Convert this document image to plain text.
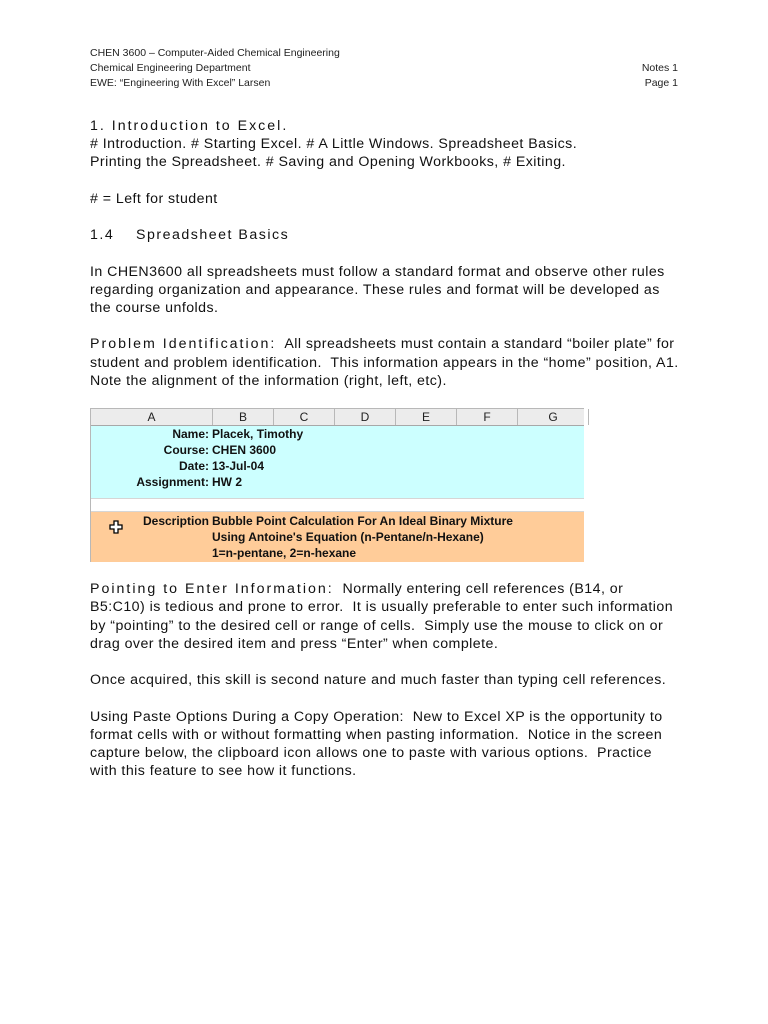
CHEN 3600 – Computer-Aided Chemical Engineering
Chemical Engineering Department	Notes 1
EWE: “Engineering With Excel” Larsen	Page 1

1. Introduction to Excel.

# Introduction. # Starting Excel. # A Little Windows. Spreadsheet Basics.

Printing the Spreadsheet. # Saving and Opening Workbooks, # Exiting.

# = Left for student

1.4    Spreadsheet Basics

In CHEN3600 all spreadsheets must follow a standard format and observe other rules regarding organization and appearance. These rules and format will be developed as the course unfolds.

Problem Identification:  All spreadsheets must contain a standard “boiler plate” for student and problem identification.  This information appears in the “home” position, A1.  Note the alignment of the information (right, left, etc).

A	B	C	D	E	F	G
Name: Placek, Timothy
Course: CHEN 3600
Date: 13-Jul-04
Assignment: HW 2
Description Bubble Point Calculation For An Ideal Binary Mixture
Using Antoine's Equation (n-Pentane/n-Hexane)
1=n-pentane, 2=n-hexane

Pointing to Enter Information:  Normally entering cell references (B14, or B5:C10) is tedious and prone to error.  It is usually preferable to enter such information by “pointing” to the desired cell or range of cells.  Simply use the mouse to click on or drag over the desired item and press “Enter” when complete.

Once acquired, this skill is second nature and much faster than typing cell references.

Using Paste Options During a Copy Operation:  New to Excel XP is the opportunity to format cells with or without formatting when pasting information.  Notice in the screen capture below, the clipboard icon allows one to paste with various options.  Practice with this feature to see how it functions.
